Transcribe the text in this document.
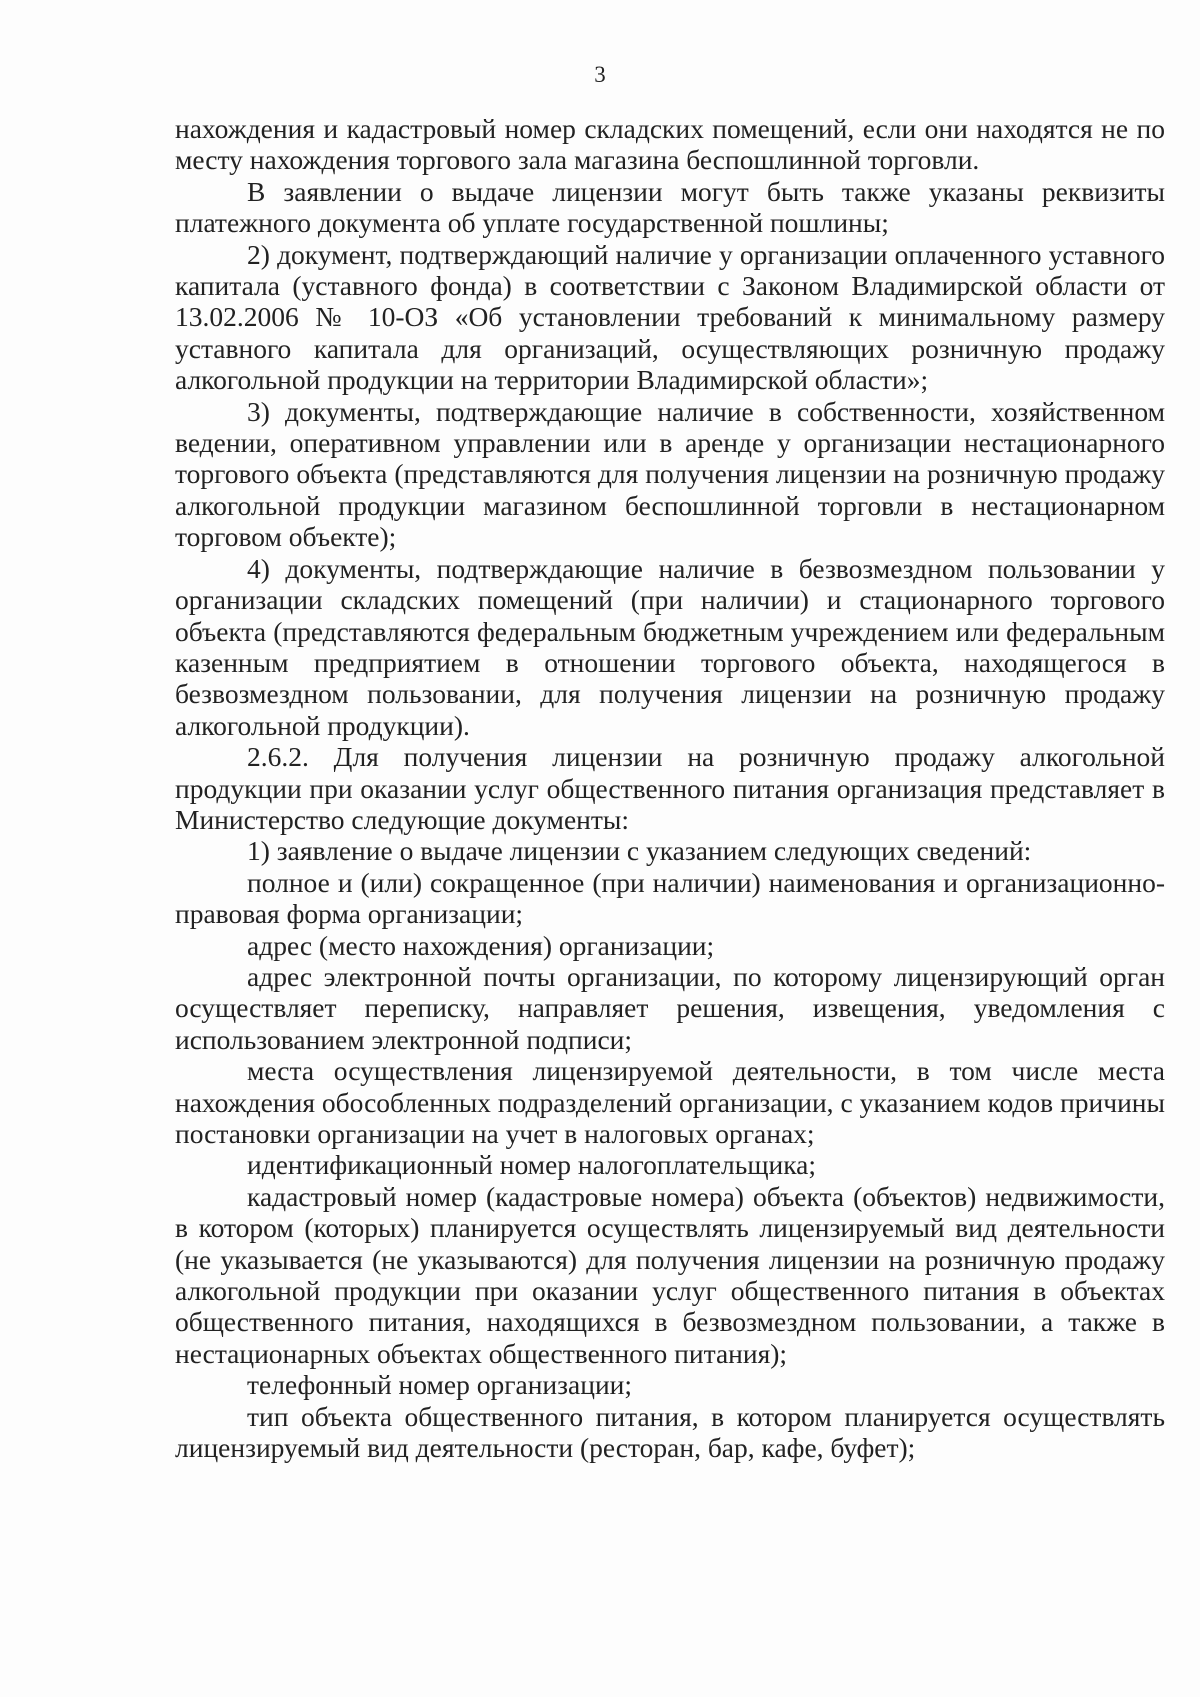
3

нахождения и кадастровый номер складских помещений, если они находятся не по месту нахождения торгового зала магазина беспошлинной торговли.

В заявлении о выдаче лицензии могут быть также указаны реквизиты платежного документа об уплате государственной пошлины;

2) документ, подтверждающий наличие у организации оплаченного уставного капитала (уставного фонда) в соответствии с Законом Владимирской области от 13.02.2006 № 10-ОЗ «Об установлении требований к минимальному размеру уставного капитала для организаций, осуществляющих розничную продажу алкогольной продукции на территории Владимирской области»;

3) документы, подтверждающие наличие в собственности, хозяйственном ведении, оперативном управлении или в аренде у организации нестационарного торгового объекта (представляются для получения лицензии на розничную продажу алкогольной продукции магазином беспошлинной торговли в нестационарном торговом объекте);

4) документы, подтверждающие наличие в безвозмездном пользовании у организации складских помещений (при наличии) и стационарного торгового объекта (представляются федеральным бюджетным учреждением или федеральным казенным предприятием в отношении торгового объекта, находящегося в безвозмездном пользовании, для получения лицензии на розничную продажу алкогольной продукции).

2.6.2. Для получения лицензии на розничную продажу алкогольной продукции при оказании услуг общественного питания организация представляет в Министерство следующие документы:

1) заявление о выдаче лицензии с указанием следующих сведений:

полное и (или) сокращенное (при наличии) наименования и организационно-правовая форма организации;

адрес (место нахождения) организации;

адрес электронной почты организации, по которому лицензирующий орган осуществляет переписку, направляет решения, извещения, уведомления с использованием электронной подписи;

места осуществления лицензируемой деятельности, в том числе места нахождения обособленных подразделений организации, с указанием кодов причины постановки организации на учет в налоговых органах;

идентификационный номер налогоплательщика;

кадастровый номер (кадастровые номера) объекта (объектов) недвижимости, в котором (которых) планируется осуществлять лицензируемый вид деятельности (не указывается (не указываются) для получения лицензии на розничную продажу алкогольной продукции при оказании услуг общественного питания в объектах общественного питания, находящихся в безвозмездном пользовании, а также в нестационарных объектах общественного питания);

телефонный номер организации;

тип объекта общественного питания, в котором планируется осуществлять лицензируемый вид деятельности (ресторан, бар, кафе, буфет);
